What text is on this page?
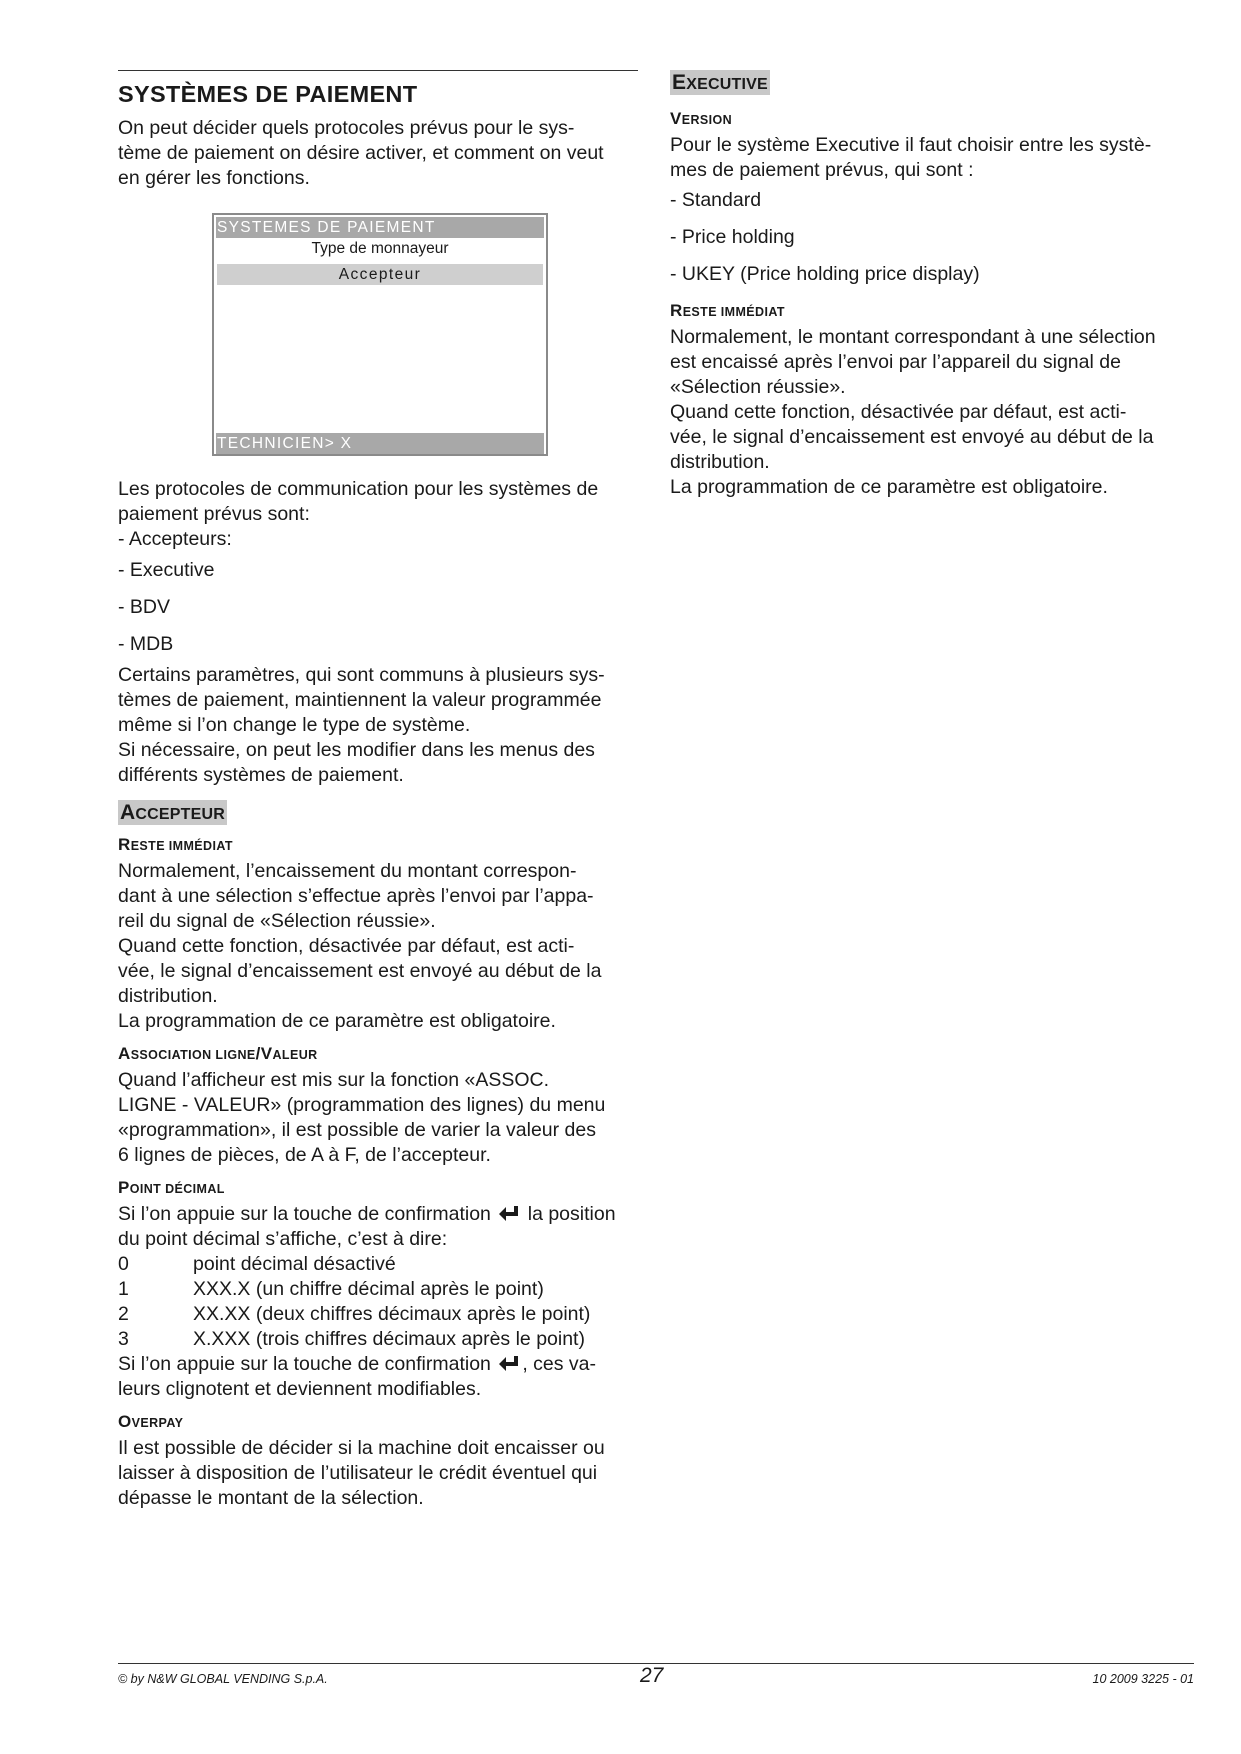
SYSTÈMES DE PAIEMENT
On peut décider quels protocoles prévus pour le sys-
tème de paiement on désire activer, et comment on veut
en gérer les fonctions.
SYSTEMES DE PAIEMENT
Type de monnayeur
Accepteur
TECHNICIEN> X
Les protocoles de communication pour les systèmes de
paiement prévus sont:
- Accepteurs:
- Executive
- BDV
- MDB
Certains paramètres, qui sont communs à plusieurs sys-
tèmes de paiement, maintiennent la valeur programmée
même si l’on change le type de système.
Si nécessaire, on peut les modifier dans les menus des
différents systèmes de paiement.
ACCEPTEUR
RESTE IMMÉDIAT
Normalement, l’encaissement du montant correspon-
dant à une sélection s’effectue après l’envoi par l’appa-
reil du signal de «Sélection réussie».
Quand cette fonction, désactivée par défaut, est acti-
vée, le signal d’encaissement est envoyé au début de la
distribution.
La programmation de ce paramètre est obligatoire.
ASSOCIATION LIGNE/VALEUR
Quand l’afficheur est mis sur la fonction «ASSOC.
LIGNE - VALEUR» (programmation des lignes) du menu
«programmation», il est possible de varier la valeur des
6 lignes de pièces, de A à F, de l’accepteur.
POINT DÉCIMAL
Si l’on appuie sur la touche de confirmation la position
du point décimal s’affiche, c’est à dire:
0	point décimal désactivé
1	XXX.X (un chiffre décimal après le point)
2	XX.XX (deux chiffres décimaux après le point)
3	X.XXX (trois chiffres décimaux après le point)
Si l’on appuie sur la touche de confirmation , ces va-
leurs clignotent et deviennent modifiables.
OVERPAY
Il est possible de décider si la machine doit encaisser ou
laisser à disposition de l’utilisateur le crédit éventuel qui
dépasse le montant de la sélection.
EXECUTIVE
VERSION
Pour le système Executive il faut choisir entre les systè-
mes de paiement prévus, qui sont :
- Standard
- Price holding
- UKEY (Price holding price display)
RESTE IMMÉDIAT
Normalement, le montant correspondant à une sélection
est encaissé après l’envoi par l’appareil du signal de
«Sélection réussie».
Quand cette fonction, désactivée par défaut, est acti-
vée, le signal d’encaissement est envoyé au début de la
distribution.
La programmation de ce paramètre est obligatoire.
© by N&W GLOBAL VENDING S.p.A.	27	10 2009 3225 - 01
